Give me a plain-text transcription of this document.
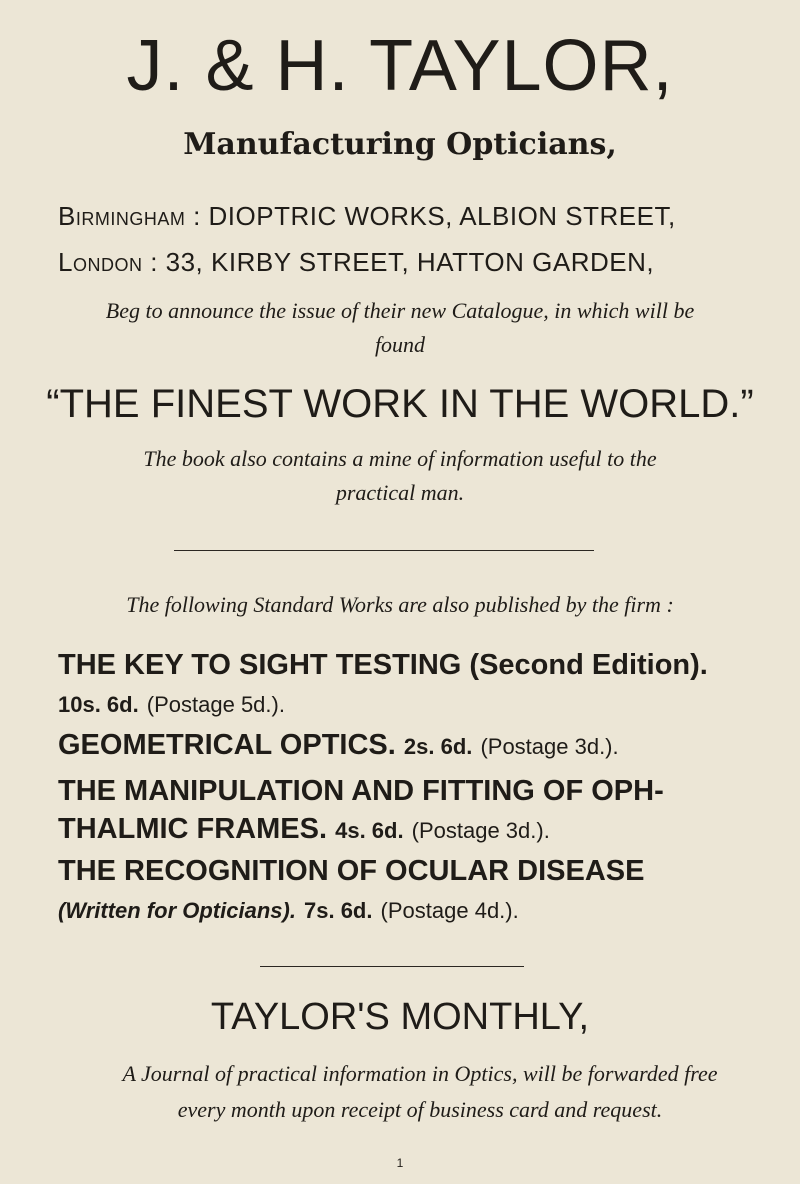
J. & H. TAYLOR,
Manufacturing Opticians,
Birmingham : DIOPTRIC WORKS, ALBION STREET,
London : 33, KIRBY STREET, HATTON GARDEN,
Beg to announce the issue of their new Catalogue, in which will be
found
“THE FINEST WORK IN THE WORLD.”
The book also contains a mine of information useful to the
practical man.
The following Standard Works are also published by the firm :
THE KEY TO SIGHT TESTING (Second Edition).
10s. 6d. (Postage 5d.).
GEOMETRICAL OPTICS. 2s. 6d. (Postage 3d.).
THE MANIPULATION AND FITTING OF OPH-
THALMIC FRAMES. 4s. 6d. (Postage 3d.).
THE RECOGNITION OF OCULAR DISEASE
(Written for Opticians). 7s. 6d. (Postage 4d.).
TAYLOR'S MONTHLY,
A Journal of practical information in Optics, will be forwarded free
every month upon receipt of business card and request.
1
